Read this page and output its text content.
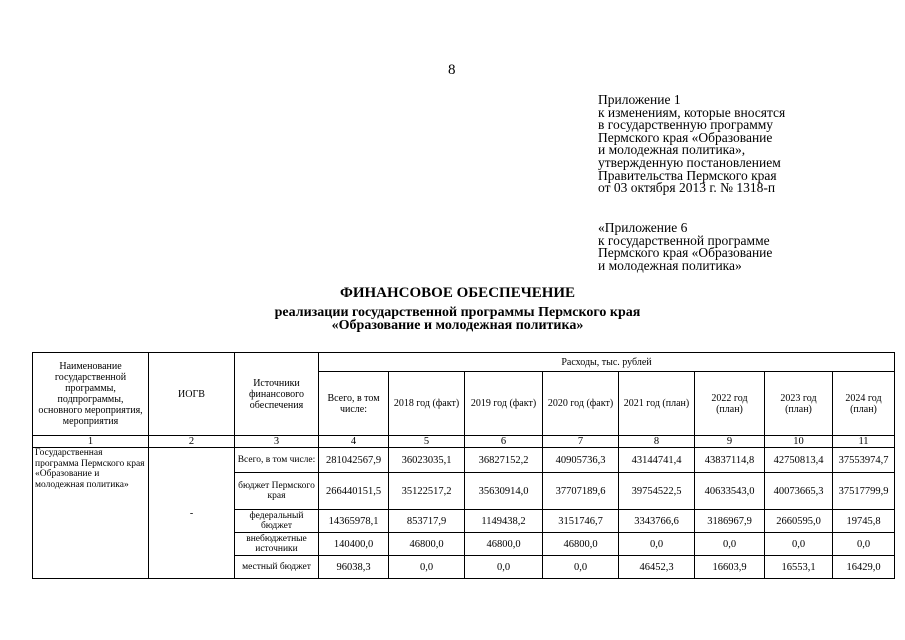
8
Приложение 1
к изменениям, которые вносятся
в государственную программу
Пермского края «Образование
и молодежная политика»,
утвержденную постановлением
Правительства Пермского края
от 03 октября 2013 г. № 1318-п
«Приложение 6
к государственной программе
Пермского края «Образование
и молодежная политика»
ФИНАНСОВОЕ ОБЕСПЕЧЕНИЕ
реализации государственной программы Пермского края
«Образование и молодежная политика»
Наименование государственной программы, подпрограммы, основного мероприятия, мероприятия	ИОГВ	Источники финансового обеспечения	Расходы, тыс. рублей							
			Всего, в том числе:	2018 год (факт)	2019 год (факт)	2020 год (факт)	2021 год (план)	2022 год (план)	2023 год (план)	2024 год (план)
1	2	3	4	5	6	7	8	9	10	11
Государственная программа Пермского края «Образование и молодежная политика»	-	Всего, в том числе:	281042567,9	36023035,1	36827152,2	40905736,3	43144741,4	43837114,8	42750813,4	37553974,7
		бюджет Пермского края	266440151,5	35122517,2	35630914,0	37707189,6	39754522,5	40633543,0	40073665,3	37517799,9
		федеральный бюджет	14365978,1	853717,9	1149438,2	3151746,7	3343766,6	3186967,9	2660595,0	19745,8
		внебюджетные источники	140400,0	46800,0	46800,0	46800,0	0,0	0,0	0,0	0,0
		местный бюджет	96038,3	0,0	0,0	0,0	46452,3	16603,9	16553,1	16429,0
